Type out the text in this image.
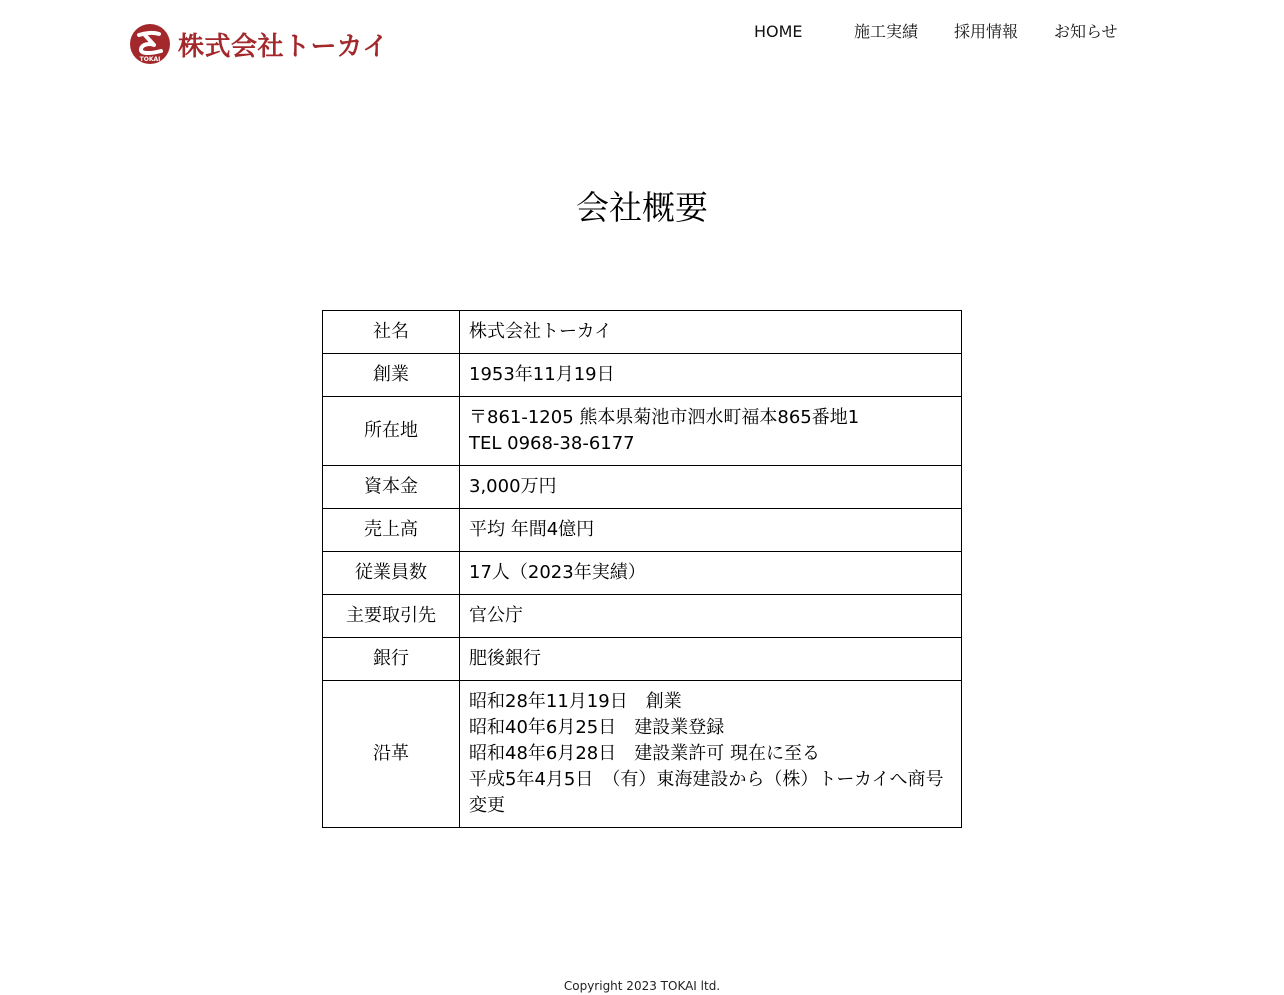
TOKAI 株式会社トーカイ	HOME	施工実績 採用情報 お知らせ
会社概要
社名	株式会社トーカイ

創業	1953年11月19日

所在地	〒861-1205 熊本県菊池市泗水町福本865番地1
TEL 0968-38-6177

資本金	3,000万円

売上高	平均 年間4億円

従業員数	17人（2023年実績）

主要取引先	官公庁

銀行	肥後銀行

沿革	昭和28年11月19日　創業
昭和40年6月25日　建設業登録
昭和48年6月28日　建設業許可 現在に至る
平成5年4月5日　（有）東海建設から（株）トーカイへ商号変更
Copyright 2023 TOKAI ltd.
